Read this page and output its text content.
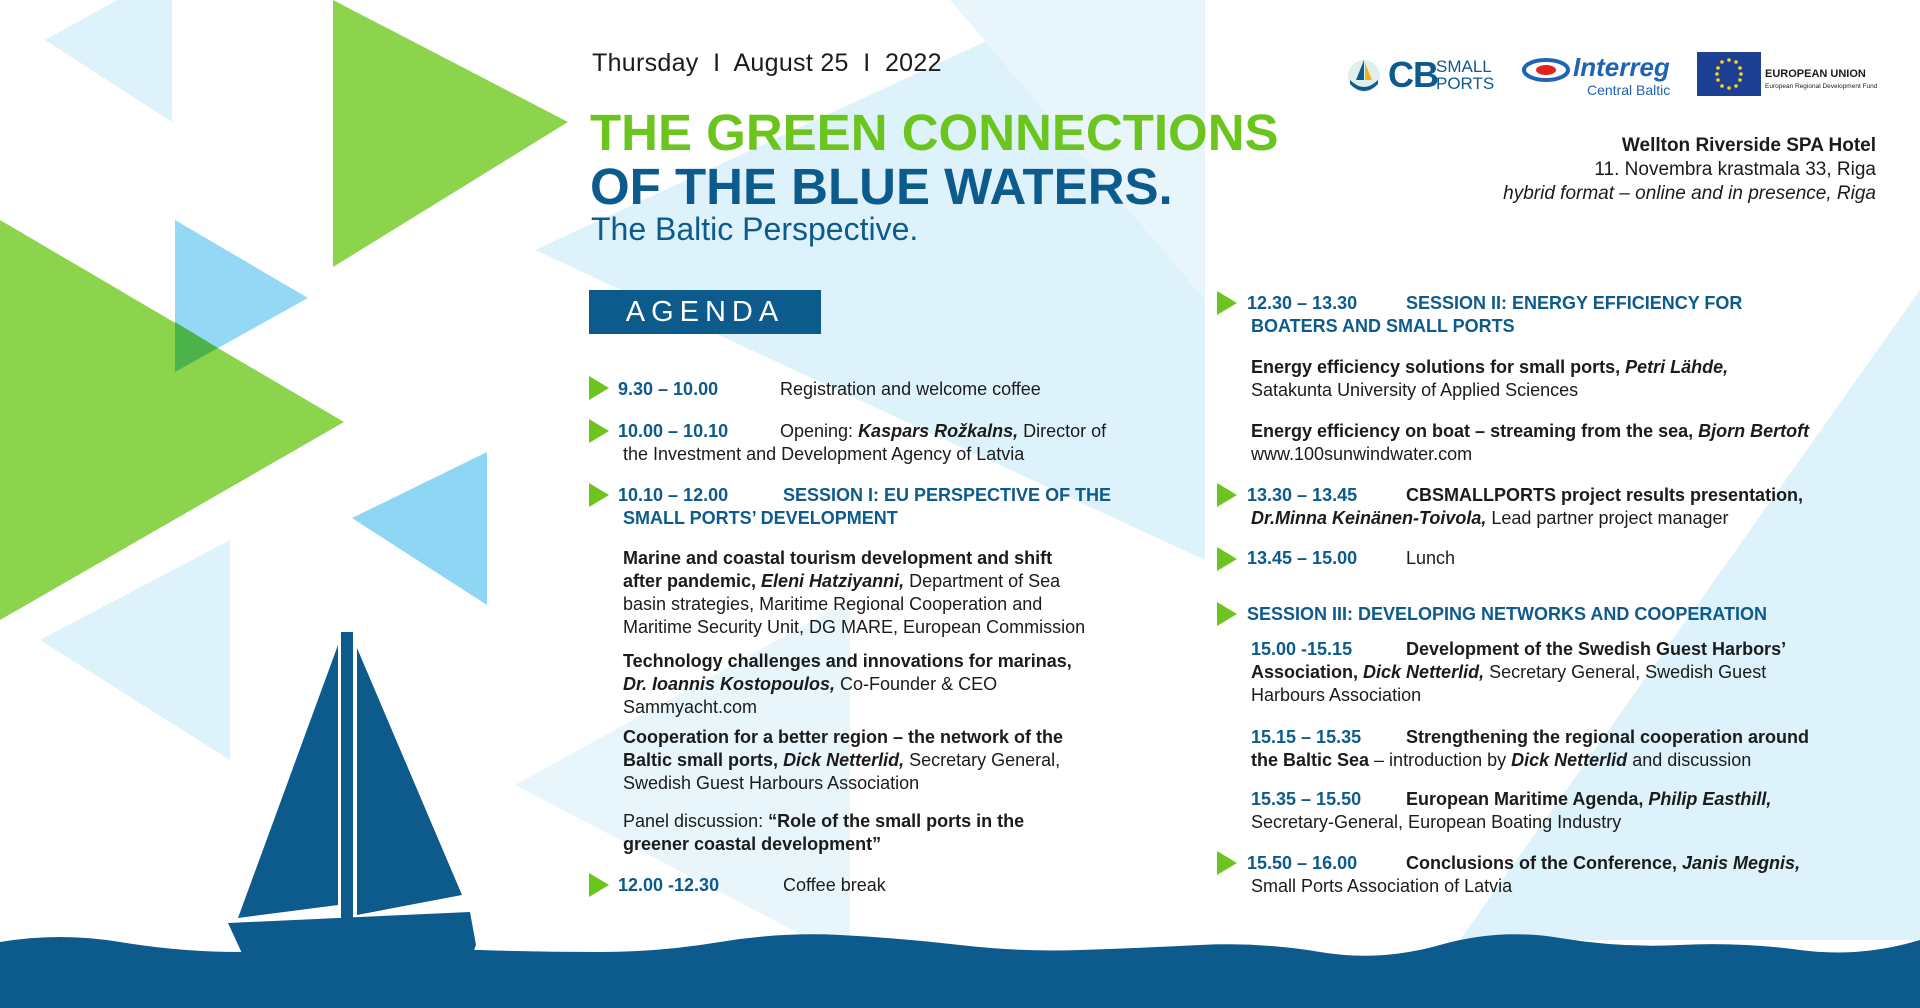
Thursday  I  August 25  I  2022
THE GREEN CONNECTIONS
OF THE BLUE WATERS.
The Baltic Perspective.
AGENDA
CB
SMALL
PORTS
Interreg
Central Baltic
EUROPEAN UNION
European Regional Development Fund
Wellton Riverside SPA Hotel
11. Novembra krastmala 33, Riga
hybrid format – online and in presence, Riga
9.30 – 10.00	Registration and welcome coffee
10.00 – 10.10	Opening: Kaspars Rožkalns, Director of
the Investment and Development Agency of Latvia
10.10 – 12.00	SESSION I: EU PERSPECTIVE OF THE
SMALL PORTS’ DEVELOPMENT
Marine and coastal tourism development and shift
after pandemic, Eleni Hatziyanni, Department of Sea
basin strategies, Maritime Regional Cooperation and
Maritime Security Unit, DG MARE, European Commission
Technology challenges and innovations for marinas,
Dr. Ioannis Kostopoulos, Co-Founder & CEO
Sammyacht.com
Cooperation for a better region – the network of the
Baltic small ports, Dick Netterlid, Secretary General,
Swedish Guest Harbours Association
Panel discussion: “Role of the small ports in the
greener coastal development”
12.00 -12.30	Coffee break
12.30 – 13.30	SESSION II: ENERGY EFFICIENCY FOR
BOATERS AND SMALL PORTS
Energy efficiency solutions for small ports, Petri Lähde,
Satakunta University of Applied Sciences
Energy efficiency on boat – streaming from the sea, Bjorn Bertoft
www.100sunwindwater.com
13.30 – 13.45	CBSMALLPORTS project results presentation,
Dr.Minna Keinänen-Toivola, Lead partner project manager
13.45 – 15.00	Lunch
SESSION III: DEVELOPING NETWORKS AND COOPERATION
15.00 -15.15	Development of the Swedish Guest Harbors’
Association, Dick Netterlid, Secretary General, Swedish Guest
Harbours Association
15.15 – 15.35 Strengthening the regional cooperation around
the Baltic Sea – introduction by Dick Netterlid and discussion
15.35 – 15.50 European Maritime Agenda, Philip Easthill,
Secretary-General, European Boating Industry
15.50 – 16.00	Conclusions of the Conference, Janis Megnis,
Small Ports Association of Latvia
